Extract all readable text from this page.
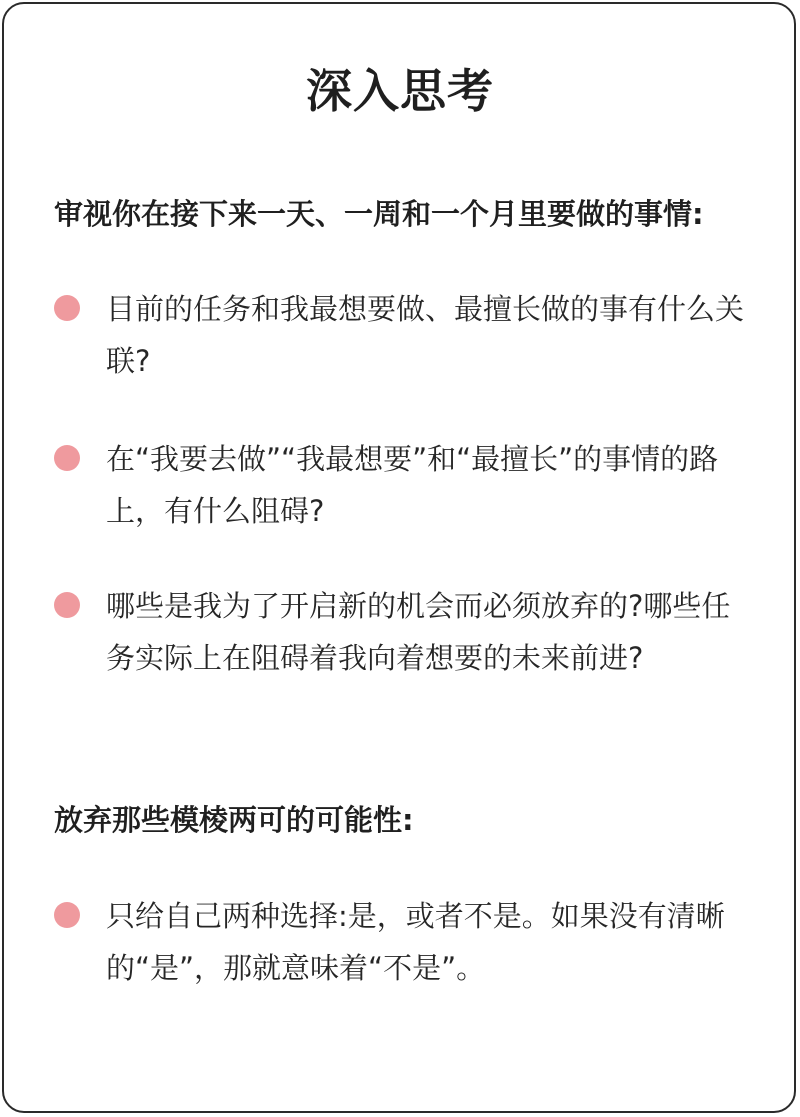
深入思考
审视你在接下来一天、一周和一个月里要做的事情:
目前的任务和我最想要做、最擅长做的事有什么关联?
在“我要去做”“我最想要”和“最擅长”的事情的路上，有什么阻碍?
哪些是我为了开启新的机会而必须放弃的?哪些任务实际上在阻碍着我向着想要的未来前进?
放弃那些模棱两可的可能性:
只给自己两种选择:是，或者不是。如果没有清晰的“是”，那就意味着“不是”。
